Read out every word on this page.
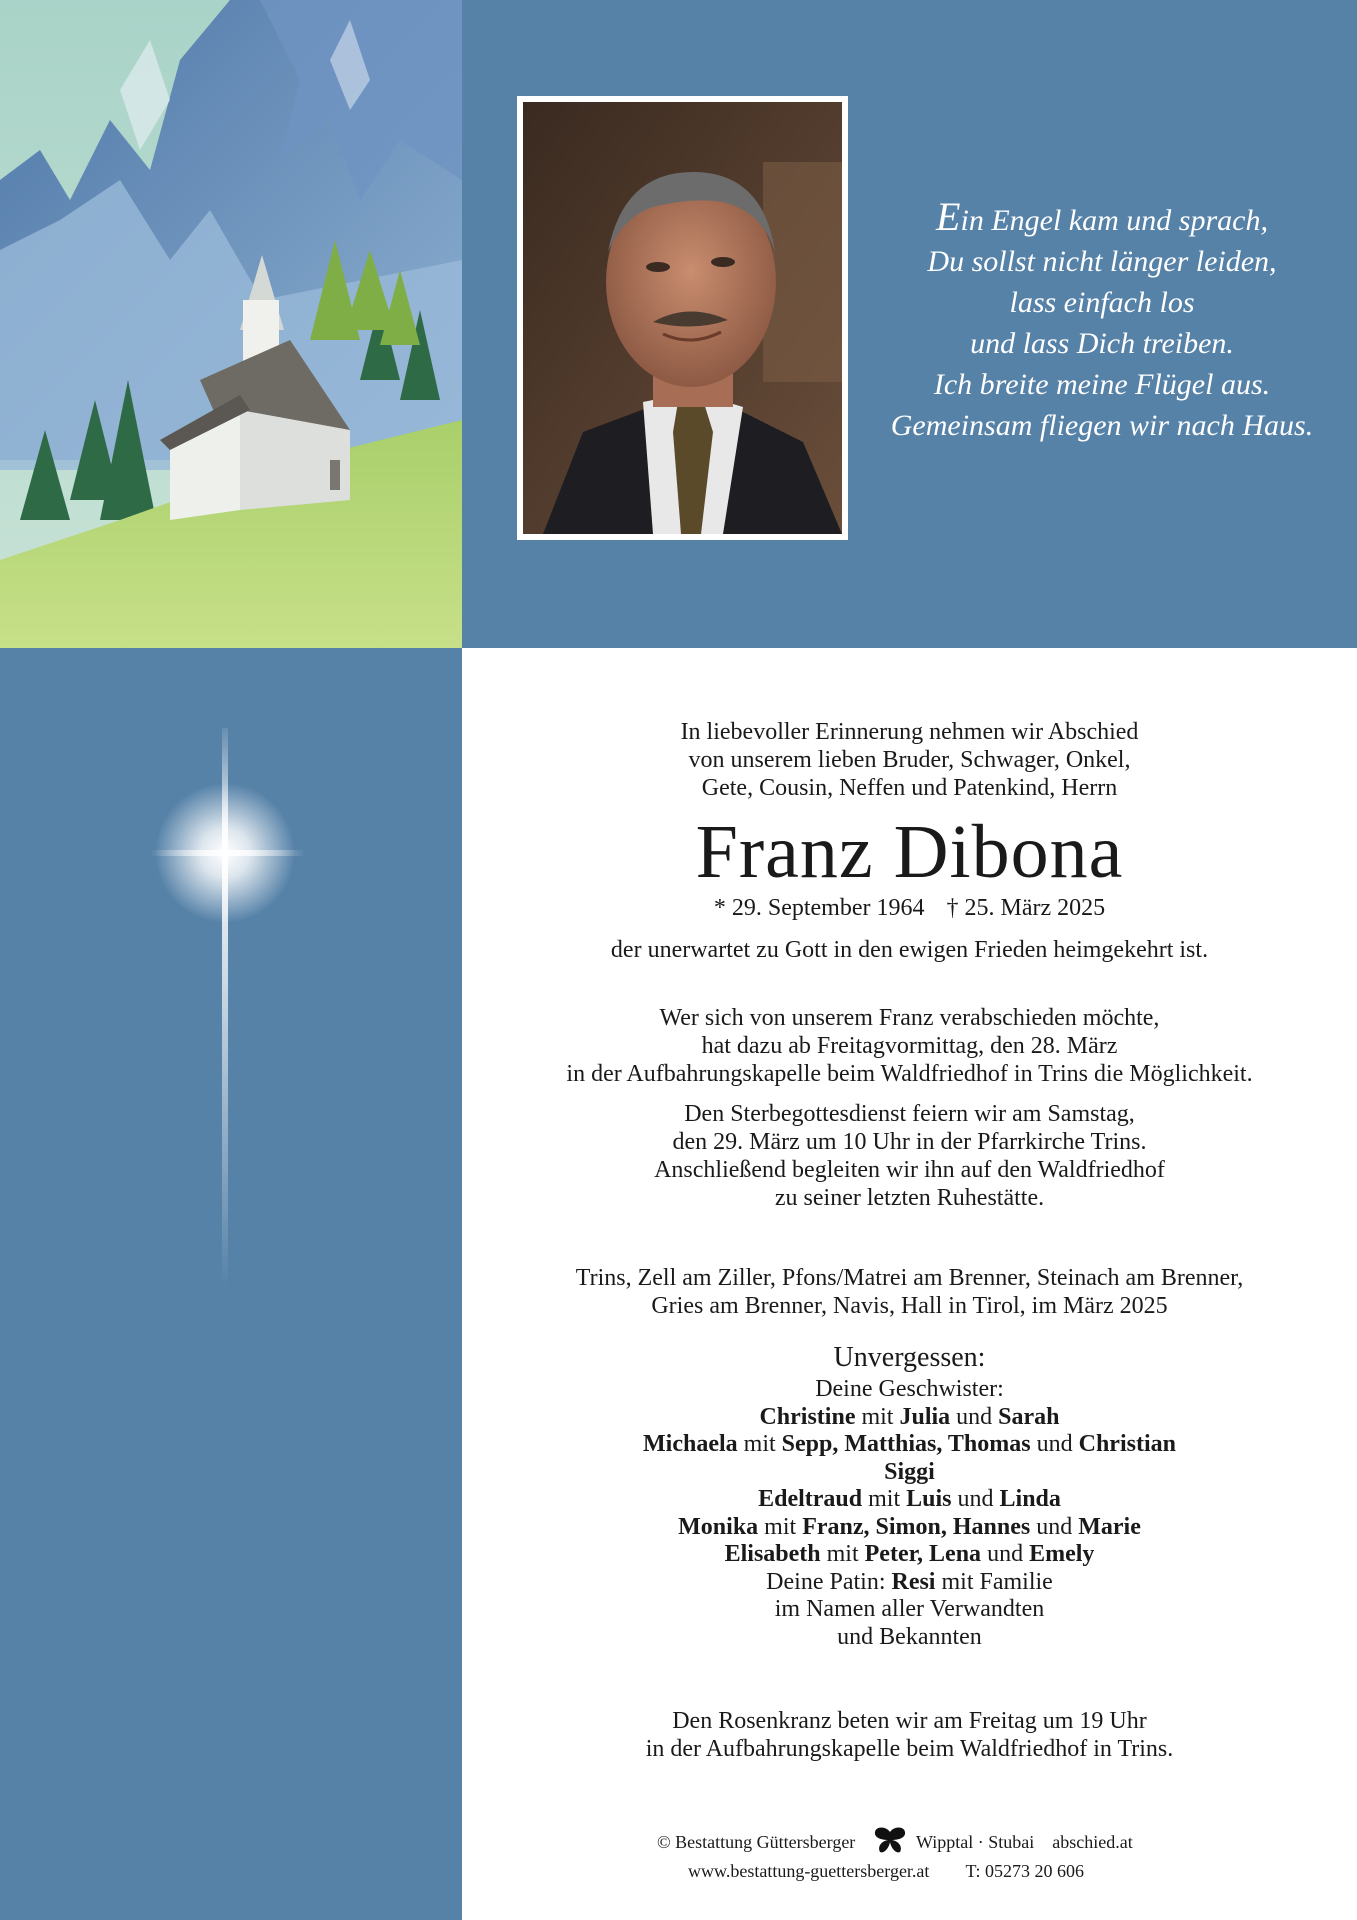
Ein Engel kam und sprach,
Du sollst nicht länger leiden,
lass einfach los
und lass Dich treiben.
Ich breite meine Flügel aus.
Gemeinsam fliegen wir nach Haus.
In liebevoller Erinnerung nehmen wir Abschied
von unserem lieben Bruder, Schwager, Onkel,
Gete, Cousin, Neffen und Patenkind, Herrn
Franz Dibona
* 29. September 1964 † 25. März 2025
der unerwartet zu Gott in den ewigen Frieden heimgekehrt ist.
Wer sich von unserem Franz verabschieden möchte,
hat dazu ab Freitagvormittag, den 28. März
in der Aufbahrungskapelle beim Waldfriedhof in Trins die Möglichkeit.
Den Sterbegottesdienst feiern wir am Samstag,
den 29. März um 10 Uhr in der Pfarrkirche Trins.
Anschließend begleiten wir ihn auf den Waldfriedhof
zu seiner letzten Ruhestätte.
Trins, Zell am Ziller, Pfons/Matrei am Brenner, Steinach am Brenner,
Gries am Brenner, Navis, Hall in Tirol, im März 2025
Unvergessen:
Deine Geschwister:
Christine mit Julia und Sarah
Michaela mit Sepp, Matthias, Thomas und Christian
Siggi
Edeltraud mit Luis und Linda
Monika mit Franz, Simon, Hannes und Marie
Elisabeth mit Peter, Lena und Emely
Deine Patin: Resi mit Familie
im Namen aller Verwandten
und Bekannten
Den Rosenkranz beten wir am Freitag um 19 Uhr
in der Aufbahrungskapelle beim Waldfriedhof in Trins.
© Bestattung Güttersberger	Wipptal · Stubai abschied.at
www.bestattung-guettersberger.at T: 05273 20 606
